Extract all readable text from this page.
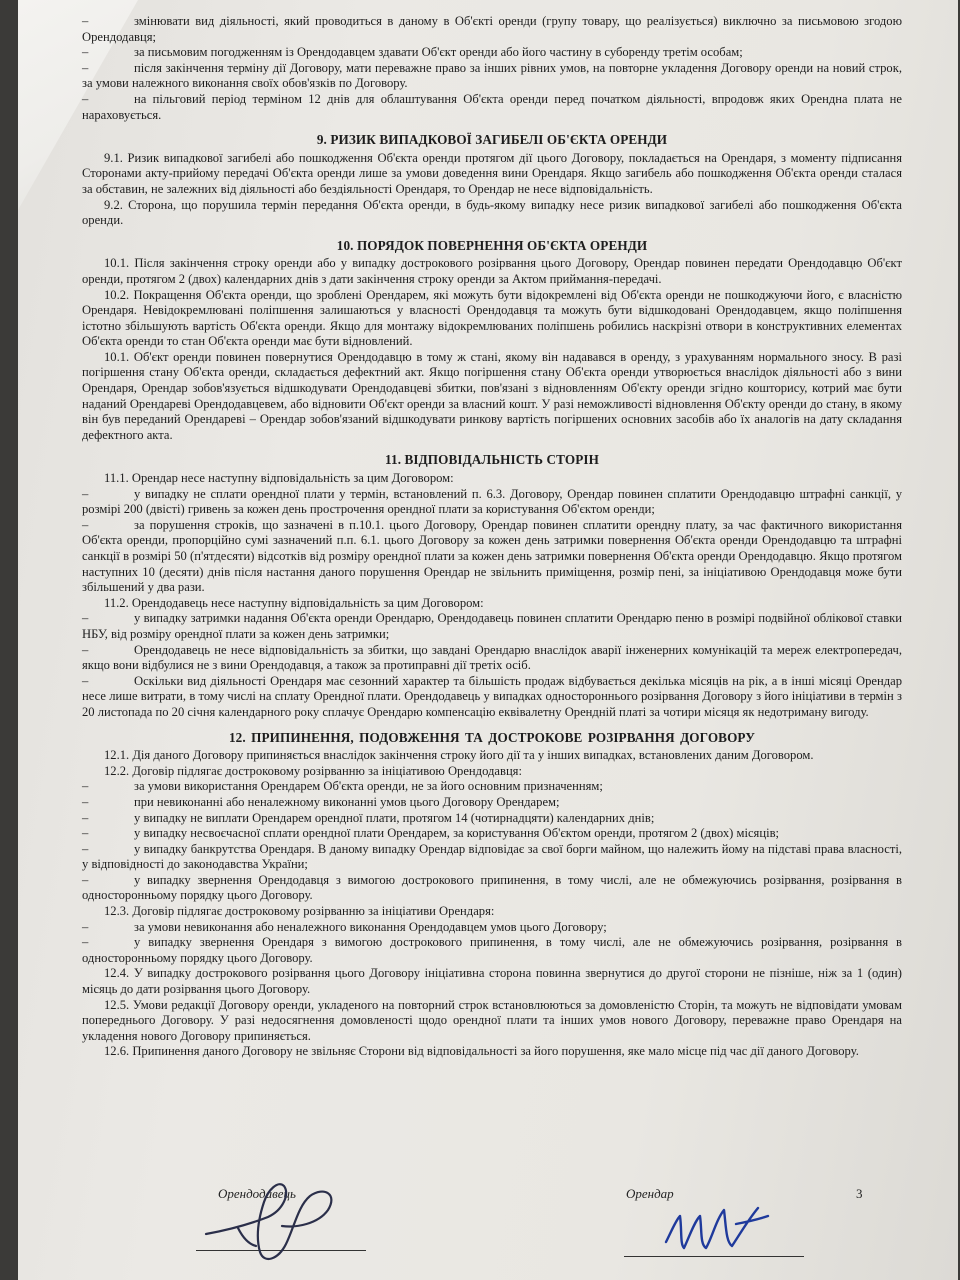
– змінювати вид діяльності, який проводиться в даному в Об'єкті оренди (групу товару, що реалізується) виключно за письмовою згодою Орендодавця;

– за письмовим погодженням із Орендодавцем здавати Об'єкт оренди або його частину в суборенду третім особам;

– після закінчення терміну дії Договору, мати переважне право за інших рівних умов, на повторне укладення Договору оренди на новий строк, за умови належного виконання своїх обов'язків по Договору.

– на пільговий період терміном 12 днів для облаштування Об'єкта оренди перед початком діяльності, впродовж яких Орендна плата не нараховується.

9. РИЗИК ВИПАДКОВОЇ ЗАГИБЕЛІ ОБ'ЄКТА ОРЕНДИ

9.1. Ризик випадкової загибелі або пошкодження Об'єкта оренди протягом дії цього Договору, покладається на Орендаря, з моменту підписання Сторонами акту-прийому передачі Об'єкта оренди лише за умови доведення вини Орендаря. Якщо загибель або пошкодження Об'єкта оренди сталася за обставин, не залежних від діяльності або бездіяльності Орендаря, то Орендар не несе відповідальність.

9.2. Сторона, що порушила термін передання Об'єкта оренди, в будь-якому випадку несе ризик випадкової загибелі або пошкодження Об'єкта оренди.

10. ПОРЯДОК ПОВЕРНЕННЯ ОБ'ЄКТА ОРЕНДИ

10.1. Після закінчення строку оренди або у випадку дострокового розірвання цього Договору, Орендар повинен передати Орендодавцю Об'єкт оренди, протягом 2 (двох) календарних днів з дати закінчення строку оренди за Актом приймання-передачі.

10.2. Покращення Об'єкта оренди, що зроблені Орендарем, які можуть бути відокремлені від Об'єкта оренди не пошкоджуючи його, є власністю Орендаря. Невідокремлювані поліпшення залишаються у власності Орендодавця та можуть бути відшкодовані Орендодавцем, якщо поліпшення істотно збільшують вартість Об'єкта оренди. Якщо для монтажу відокремлюваних поліпшень робились наскрізні отвори в конструктивних елементах Об'єкта оренди то стан Об'єкта оренди має бути відновлений.

10.1. Об'єкт оренди повинен повернутися Орендодавцю в тому ж стані, якому він надавався в оренду, з урахуванням нормального зносу. В разі погіршення стану Об'єкта оренди, складається дефектний акт. Якщо погіршення стану Об'єкта оренди утворюється внаслідок діяльності або з вини Орендаря, Орендар зобов'язується відшкодувати Орендодавцеві збитки, пов'язані з відновленням Об'єкту оренди згідно кошторису, котрий має бути наданий Орендареві Орендодавцевем, або відновити Об'єкт оренди за власний кошт. У разі неможливості відновлення Об'єкту оренди до стану, в якому він був переданий Орендареві – Орендар зобов'язаний відшкодувати ринкову вартість погіршених основних засобів або їх аналогів на дату складання дефектного акта.

11. ВІДПОВІДАЛЬНІСТЬ СТОРІН

11.1. Орендар несе наступну відповідальність за цим Договором:

– у випадку не сплати орендної плати у термін, встановлений п. 6.3. Договору, Орендар повинен сплатити Орендодавцю штрафні санкції, у розмірі 200 (двісті) гривень за кожен день прострочення орендної плати за користування Об'єктом оренди;

– за порушення строків, що зазначені в п.10.1. цього Договору, Орендар повинен сплатити орендну плату, за час фактичного використання Об'єкта оренди, пропорційно сумі зазначений п.п. 6.1. цього Договору за кожен день затримки повернення Об'єкта оренди Орендодавцю та штрафні санкції в розмірі 50 (п'ятдесяти) відсотків від розміру орендної плати за кожен день затримки повернення Об'єкта оренди Орендодавцю. Якщо протягом наступних 10 (десяти) днів після настання даного порушення Орендар не звільнить приміщення, розмір пені, за ініціативою Орендодавця може бути збільшений у два рази.

11.2. Орендодавець несе наступну відповідальність за цим Договором:

– у випадку затримки надання Об'єкта оренди Орендарю, Орендодавець повинен сплатити Орендарю пеню в розмірі подвійної облікової ставки НБУ, від розміру орендної плати за кожен день затримки;

– Орендодавець не несе відповідальність за збитки, що завдані Орендарю внаслідок аварії інженерних комунікацій та мереж електропередач, якщо вони відбулися не з вини Орендодавця, а також за протиправні дії третіх осіб.

– Оскільки вид діяльності Орендаря має сезонний характер та більшість продаж відбувається декілька місяців на рік, а в інші місяці Орендар несе лише витрати, в тому числі на сплату Орендної плати. Орендодавець у випадках одностороннього розірвання Договору з його ініціативи в термін з 20 листопада по 20 січня календарного року сплачує Орендарю компенсацію еквівалетну Орендній платі за чотири місяця як недотриману вигоду.

12. ПРИПИНЕННЯ, ПОДОВЖЕННЯ ТА ДОСТРОКОВЕ РОЗІРВАННЯ ДОГОВОРУ

12.1. Дія даного Договору припиняється внаслідок закінчення строку його дії та у інших випадках, встановлених даним Договором.

12.2. Договір підлягає достроковому розірванню за ініціативою Орендодавця:

– за умови використання Орендарем Об'єкта оренди, не за його основним призначенням;

– при невиконанні або неналежному виконанні умов цього Договору Орендарем;

– у випадку не виплати Орендарем орендної плати, протягом 14 (чотирнадцяти) календарних днів;

– у випадку несвоєчасної сплати орендної плати Орендарем, за користування Об'єктом оренди, протягом 2 (двох) місяців;

– у випадку банкрутства Орендаря. В даному випадку Орендар відповідає за свої борги майном, що належить йому на підставі права власності, у відповідності до законодавства України;

– у випадку звернення Орендодавця з вимогою дострокового припинення, в тому числі, але не обмежуючись розірвання, розірвання в односторонньому порядку цього Договору.

12.3. Договір підлягає достроковому розірванню за ініціативи Орендаря:

– за умови невиконання або неналежного виконання Орендодавцем умов цього Договору;

– у випадку звернення Орендаря з вимогою дострокового припинення, в тому числі, але не обмежуючись розірвання, розірвання в односторонньому порядку цього Договору.

12.4. У випадку дострокового розірвання цього Договору ініціативна сторона повинна звернутися до другої сторони не пізніше, ніж за 1 (один) місяць до дати розірвання цього Договору.

12.5. Умови редакції Договору оренди, укладеного на повторний строк встановлюються за домовленістю Сторін, та можуть не відповідати умовам попереднього Договору. У разі недосягнення домовленості щодо орендної плати та інших умов нового Договору, переважне право Орендаря на укладення нового Договору припиняється.

12.6. Припинення даного Договору не звільняє Сторони від відповідальності за його порушення, яке мало місце під час дії даного Договору.

Орендодавець	Орендар	3
